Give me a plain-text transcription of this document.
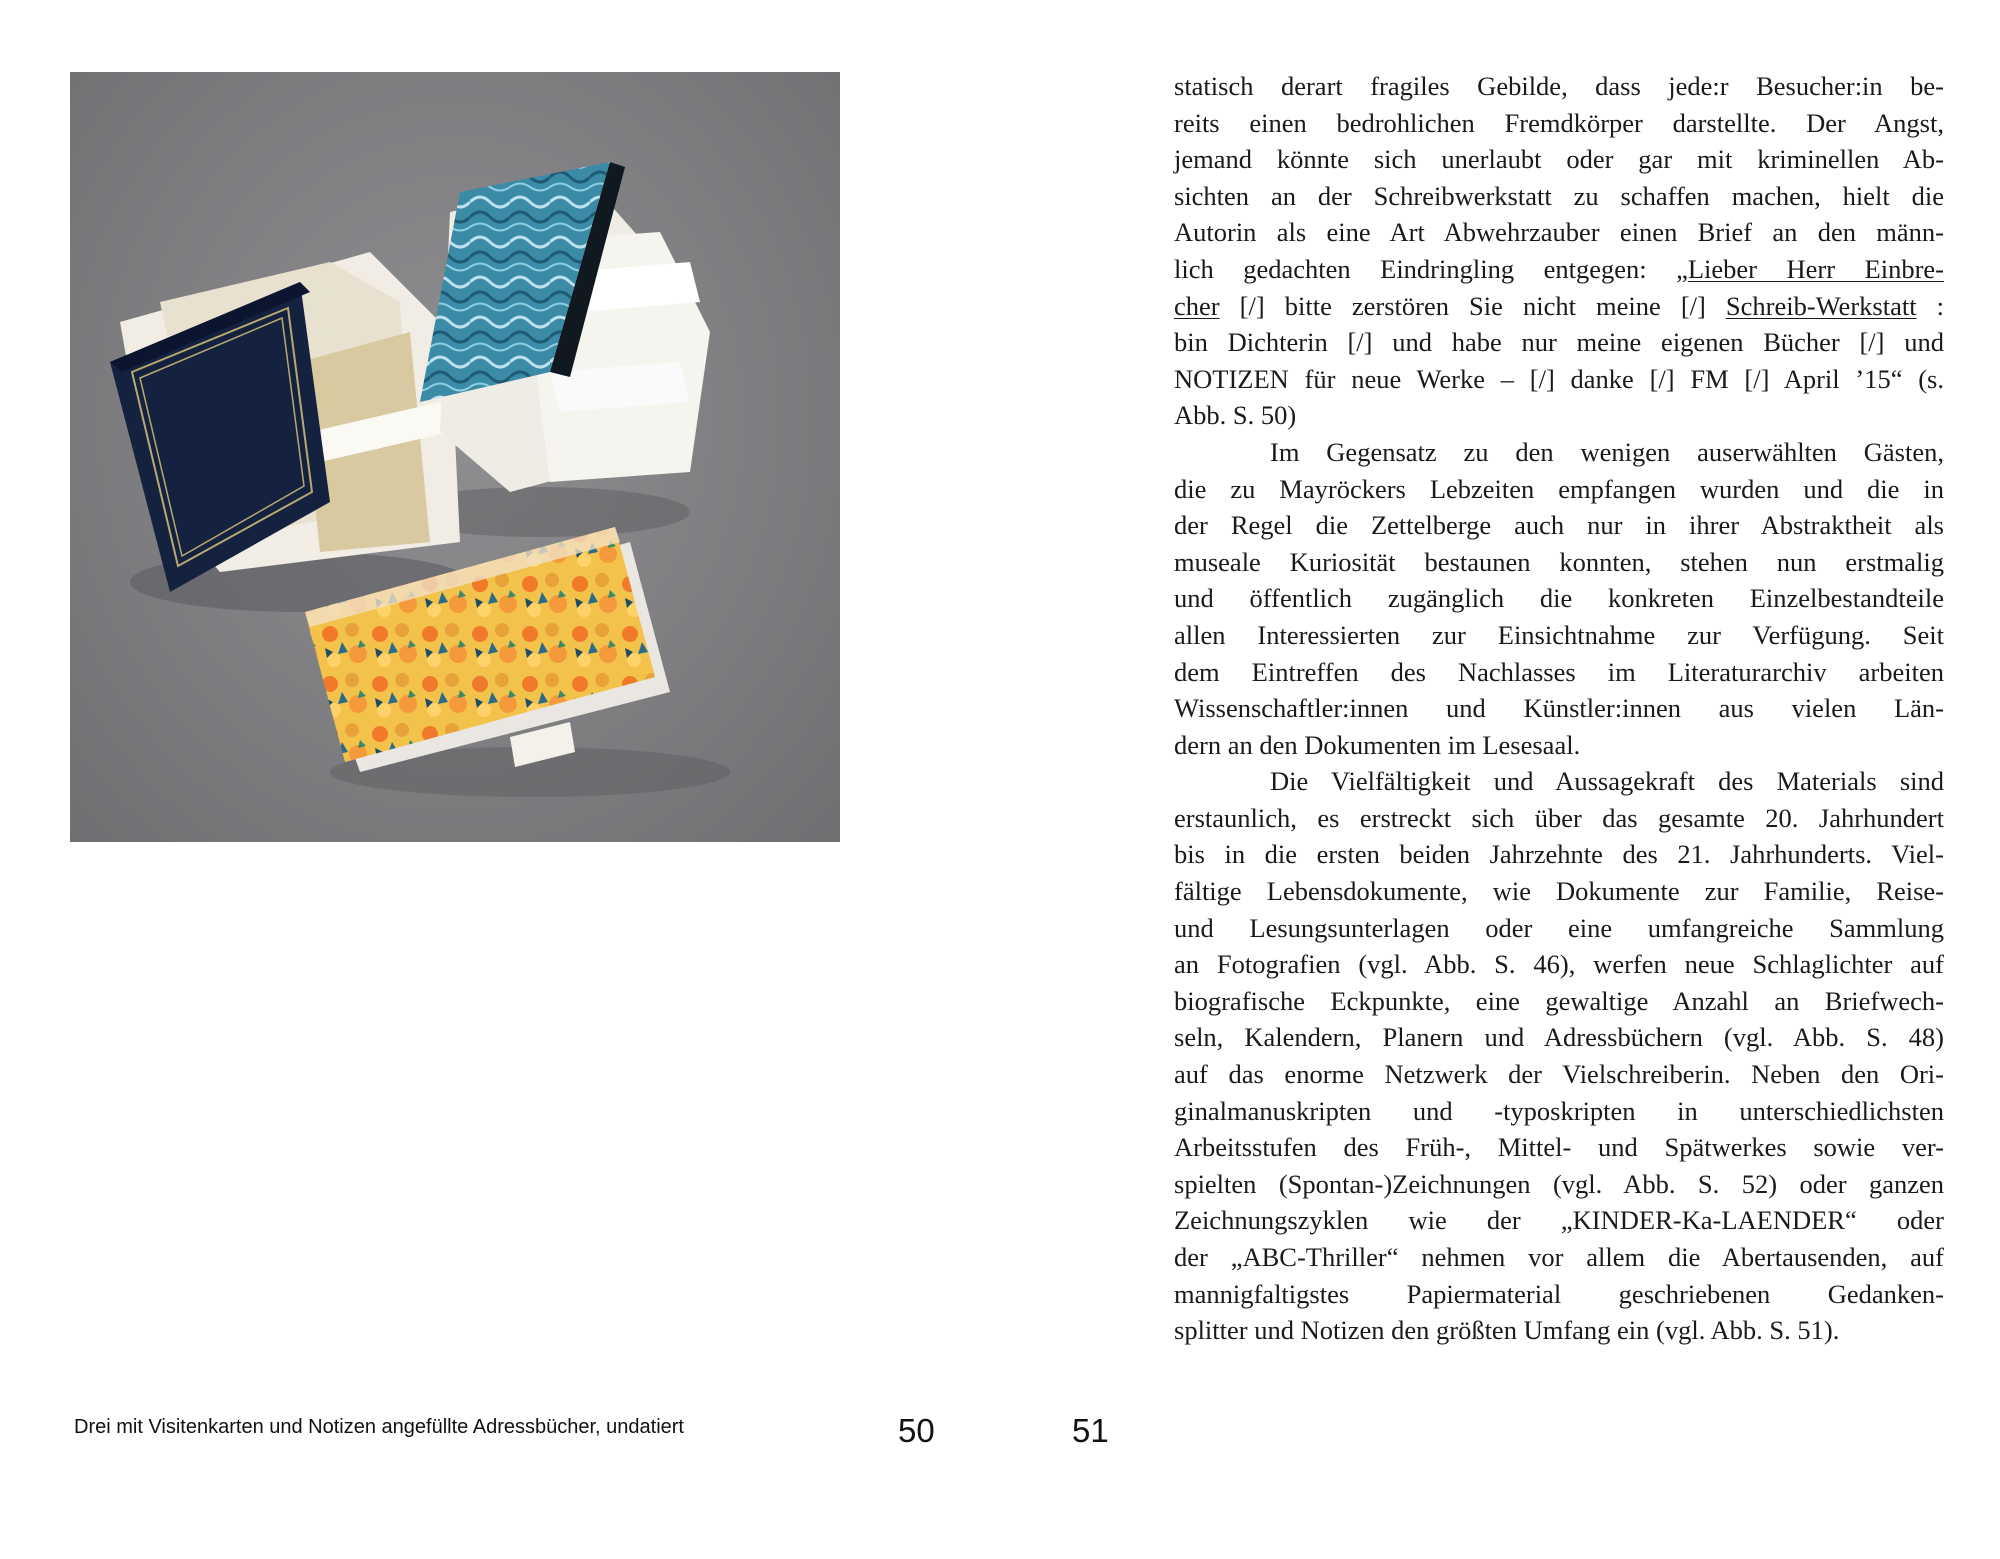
Drei mit Visitenkarten und Notizen angefüllte Adressbücher, undatiert	50
statisch derart fragiles Gebilde, dass jede:r Besucher:in be-
reits einen bedrohlichen Fremdkörper darstellte. Der Angst,
jemand könnte sich unerlaubt oder gar mit kriminellen Ab-
sichten an der Schreibwerkstatt zu schaffen machen, hielt die
Autorin als eine Art Abwehrzauber einen Brief an den männ-
lich gedachten Eindringling entgegen: „Lieber Herr Einbre-
cher [/] bitte zerstören Sie nicht meine [/] Schreib-Werkstatt :
bin Dichterin [/] und habe nur meine eigenen Bücher [/] und
NOTIZEN für neue Werke – [/] danke [/] FM [/] April ’15“ (s.
Abb. S. 50)
Im Gegensatz zu den wenigen auserwählten Gästen,
die zu Mayröckers Lebzeiten empfangen wurden und die in
der Regel die Zettelberge auch nur in ihrer Abstraktheit als
museale Kuriosität bestaunen konnten, stehen nun erstmalig
und öffentlich zugänglich die konkreten Einzelbestandteile
allen Interessierten zur Einsichtnahme zur Verfügung. Seit
dem Eintreffen des Nachlasses im Literaturarchiv arbeiten
Wissenschaftler:innen und Künstler:innen aus vielen Län-
dern an den Dokumenten im Lesesaal.
Die Vielfältigkeit und Aussagekraft des Materials sind
erstaunlich, es erstreckt sich über das gesamte 20. Jahrhundert
bis in die ersten beiden Jahrzehnte des 21. Jahrhunderts. Viel-
fältige Lebensdokumente, wie Dokumente zur Familie, Reise-
und Lesungsunterlagen oder eine umfangreiche Sammlung
an Fotografien (vgl. Abb. S. 46), werfen neue Schlaglichter auf
biografische Eckpunkte, eine gewaltige Anzahl an Briefwech-
seln, Kalendern, Planern und Adressbüchern (vgl. Abb. S. 48)
auf das enorme Netzwerk der Vielschreiberin. Neben den Ori-
ginalmanuskripten und -typoskripten in unterschiedlichsten
Arbeitsstufen des Früh-, Mittel- und Spätwerkes sowie ver-
spielten (Spontan-)Zeichnungen (vgl. Abb. S. 52) oder ganzen
Zeichnungszyklen wie der „KINDER-Ka-LAENDER“ oder
der „ABC-Thriller“ nehmen vor allem die Abertausenden, auf
mannigfaltigstes Papiermaterial geschriebenen Gedanken-
splitter und Notizen den größten Umfang ein (vgl. Abb. S. 51).
51
